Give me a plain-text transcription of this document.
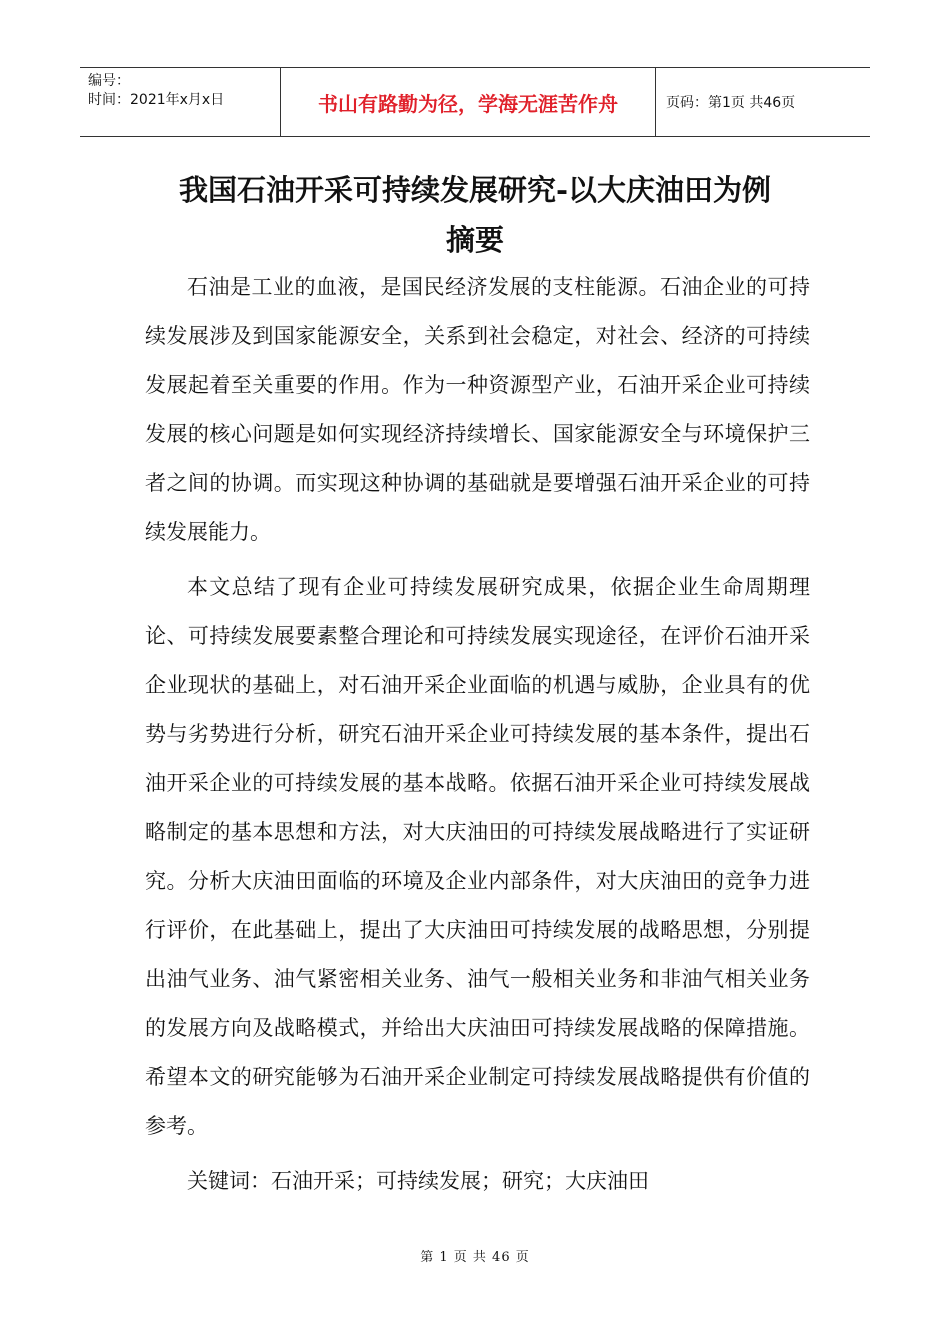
编号：
时间：2021年x月x日	书山有路勤为径，学海无涯苦作舟	页码：第1页 共46页
我国石油开采可持续发展研究-以大庆油田为例
摘要

石油是工业的血液，是国民经济发展的支柱能源。石油企业的可持续发展涉及到国家能源安全，关系到社会稳定，对社会、经济的可持续发展起着至关重要的作用。作为一种资源型产业，石油开采企业可持续发展的核心问题是如何实现经济持续增长、国家能源安全与环境保护三者之间的协调。而实现这种协调的基础就是要增强石油开采企业的可持续发展能力。

本文总结了现有企业可持续发展研究成果，依据企业生命周期理论、可持续发展要素整合理论和可持续发展实现途径，在评价石油开采企业现状的基础上，对石油开采企业面临的机遇与威胁，企业具有的优势与劣势进行分析，研究石油开采企业可持续发展的基本条件，提出石油开采企业的可持续发展的基本战略。依据石油开采企业可持续发展战略制定的基本思想和方法，对大庆油田的可持续发展战略进行了实证研究。分析大庆油田面临的环境及企业内部条件，对大庆油田的竞争力进行评价，在此基础上，提出了大庆油田可持续发展的战略思想，分别提出油气业务、油气紧密相关业务、油气一般相关业务和非油气相关业务的发展方向及战略模式，并给出大庆油田可持续发展战略的保障措施。希望本文的研究能够为石油开采企业制定可持续发展战略提供有价值的参考。

关键词：石油开采；可持续发展；研究；大庆油田

第 1 页 共 46 页
